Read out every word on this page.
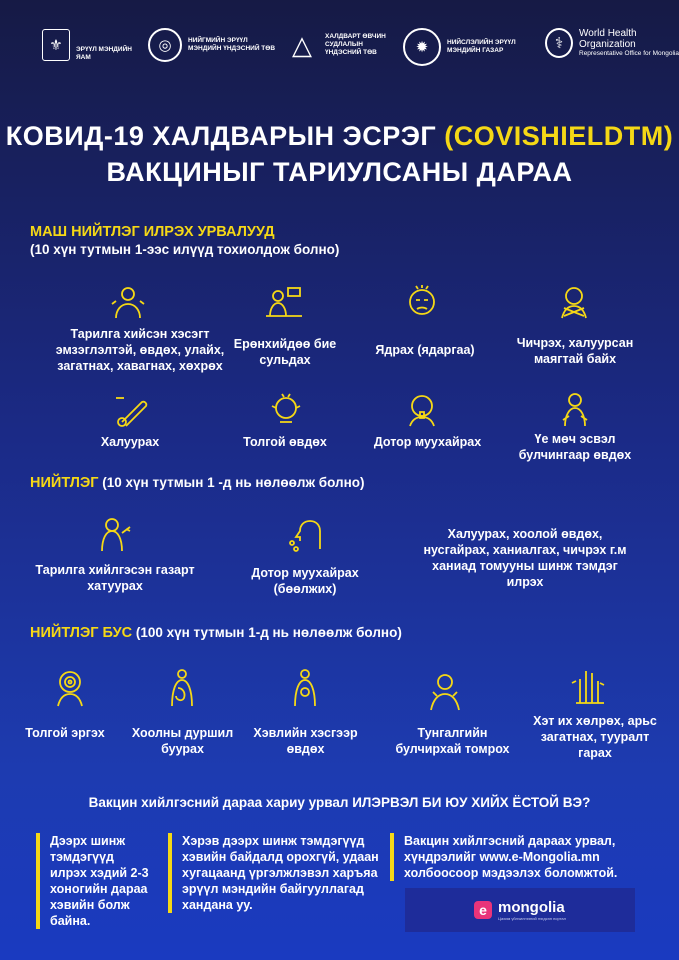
⚜	ЭРҮҮЛ МЭНДИЙН ЯАМ
◎	НИЙГМИЙН ЭРҮҮЛ МЭНДИЙН ҮНДЭСНИЙ ТӨВ △	ХАЛДВАРТ ӨВЧИН СУДЛАЛЫН ҮНДЭСНИЙ ТӨВ	✹	НИЙСЛЭЛИЙН ЭРҮҮЛ МЭНДИЙН ГАЗАР	⚕
World Health Organization
Representative Office for Mongolia
КОВИД-19 ХАЛДВАРЫН ЭСРЭГ (COVISHIELDTM)
ВАКЦИНЫГ ТАРИУЛСАНЫ ДАРАА
МАШ НИЙТЛЭГ ИЛРЭХ УРВАЛУУД
(10 хүн тутмын 1-ээс илүүд тохиолдож болно)
Тарилга хийсэн хэсэгт эмзэглэлтэй, өвдөх, улайх, загатнах, хавагнах, хөхрөх
Ерөнхийдөө бие сульдах
Ядрах (ядаргаа)	Чичрэх, халуурсан маягтай байх
Халуурах	Толгой өвдөх	Дотор муухайрах	Үе мөч эсвэл булчингаар өвдөх
НИЙТЛЭГ (10 хүн тутмын 1 -д нь нөлөөлж болно)
Тарилга хийлгэсэн газарт хатуурах
Дотор муухайрах (бөөлжих)
Халуурах, хоолой өвдөх, нусгайрах, ханиалгах, чичрэх г.м ханиад томууны шинж тэмдэг илрэх
НИЙТЛЭГ БУС (100 хүн тутмын 1-д нь нөлөөлж болно)
Толгой эргэх	Хоолны дуршил буурах
Хэвлийн хэсгээр өвдөх
Тунгалгийн булчирхай томрох
Хэт их хөлрөх, арьс загатнах, тууралт гарах
Вакцин хийлгэсний дараа хариу урвал ИЛЭРВЭЛ БИ ЮУ ХИЙХ ЁСТОЙ ВЭ?
Дээрх шинж тэмдэгүүд илрэх хэдий 2-3 хоногийн дараа хэвийн болж байна.
Хэрэв дээрх шинж тэмдэгүүд хэвийн байдалд орохгүй, удаан хугацаанд үргэлжлэвэл харъяа эрүүл мэндийн байгууллагад хандана уу.
Вакцин хийлгэсний дараах урвал, хүндрэлийг www.e-Mongolia.mn холбоосоор мэдээлэх боломжтой.
e mongolia
Цахим үйлчилгээний нэгдсэн портал
